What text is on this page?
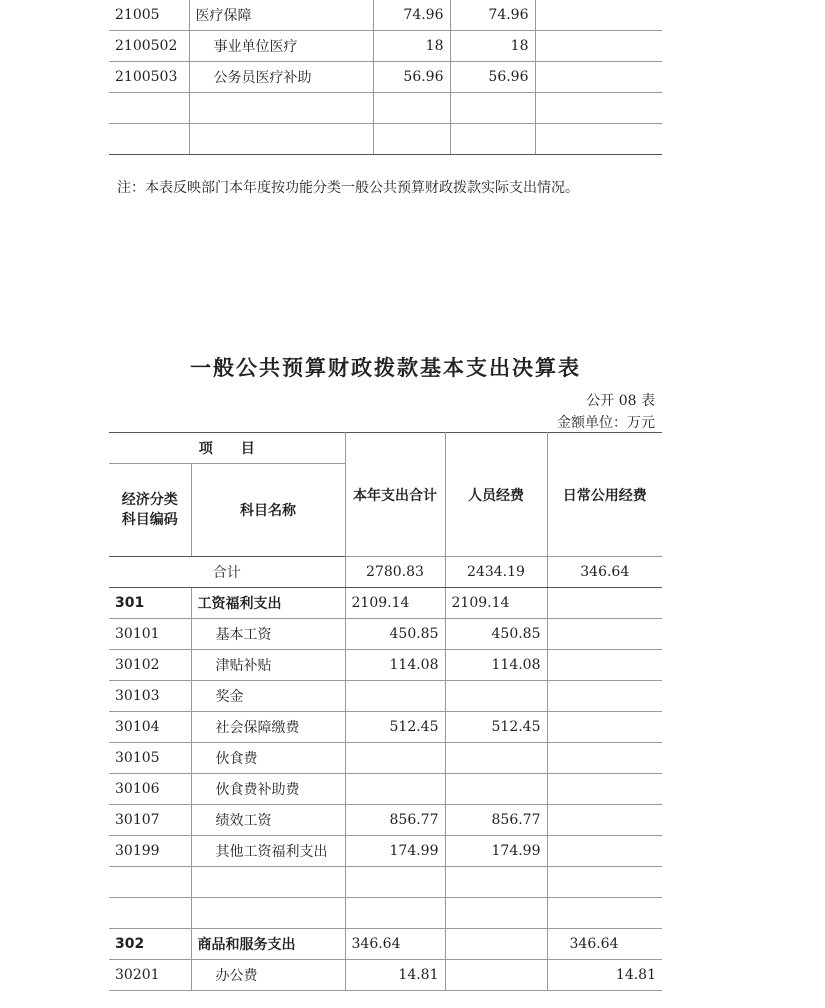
21005	医疗保障	74.96	74.96	
2100502	事业单位医疗	18	18	
2100503	公务员医疗补助	56.96	56.96	

注：本表反映部门本年度按功能分类一般公共预算财政拨款实际支出情况。
一般公共预算财政拨款基本支出决算表
公开 08 表
金额单位：万元
项　　目		本年支出合计	人员经费	日常公用经费
经济分类科目编码	科目名称			
合计		2780.83	2434.19	346.64
301	工资福利支出	2109.14	2109.14	
30101	基本工资	450.85	450.85	
30102	津贴补贴	114.08	114.08	
30103	奖金			
30104	社会保障缴费	512.45	512.45	
30105	伙食费			
30106	伙食费补助费			
30107	绩效工资	856.77	856.77	
30199	其他工资福利支出	174.99	174.99	

302	商品和服务支出	346.64		346.64
30201	办公费	14.81		14.81
